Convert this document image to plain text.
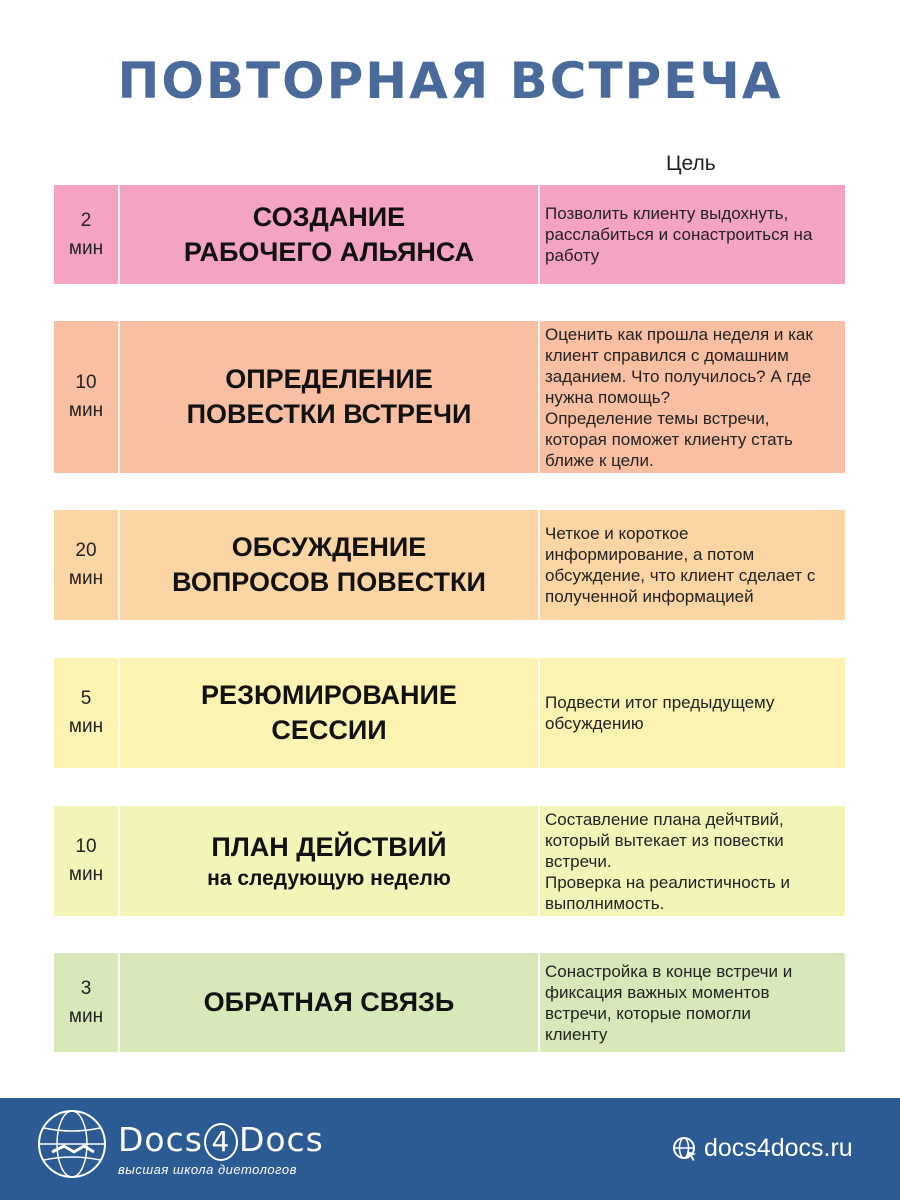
ПОВТОРНАЯ ВСТРЕЧА
Цель
2
мин
СОЗДАНИЕ
РАБОЧЕГО АЛЬЯНСА
Позволить клиенту выдохнуть,
расслабиться и сонастроиться на
работу
10
мин
ОПРЕДЕЛЕНИЕ
ПОВЕСТКИ ВСТРЕЧИ
Оценить как прошла неделя и как
клиент справился с домашним
заданием. Что получилось? А где
нужна помощь?
Определение темы встречи,
которая поможет клиенту стать
ближе к цели.
20
мин
ОБСУЖДЕНИЕ
ВОПРОСОВ ПОВЕСТКИ
Четкое и короткое
информирование, а потом
обсуждение, что клиент сделает с
полученной информацией
5
мин
РЕЗЮМИРОВАНИЕ
СЕССИИ
Подвести итог предыдущему
обсуждению
10
мин
ПЛАН ДЕЙСТВИЙ
на следующую неделю
Составление плана дейчтвий,
который вытекает из повестки
встречи.
Проверка на реалистичность и
выполнимость.
3
мин	ОБРАТНАЯ СВЯЗЬ
Сонастройка в конце встречи и
фиксация важных моментов
встречи, которые помогли
клиенту
Docs 4 Docs
высшая школа диетологов
docs4docs.ru
